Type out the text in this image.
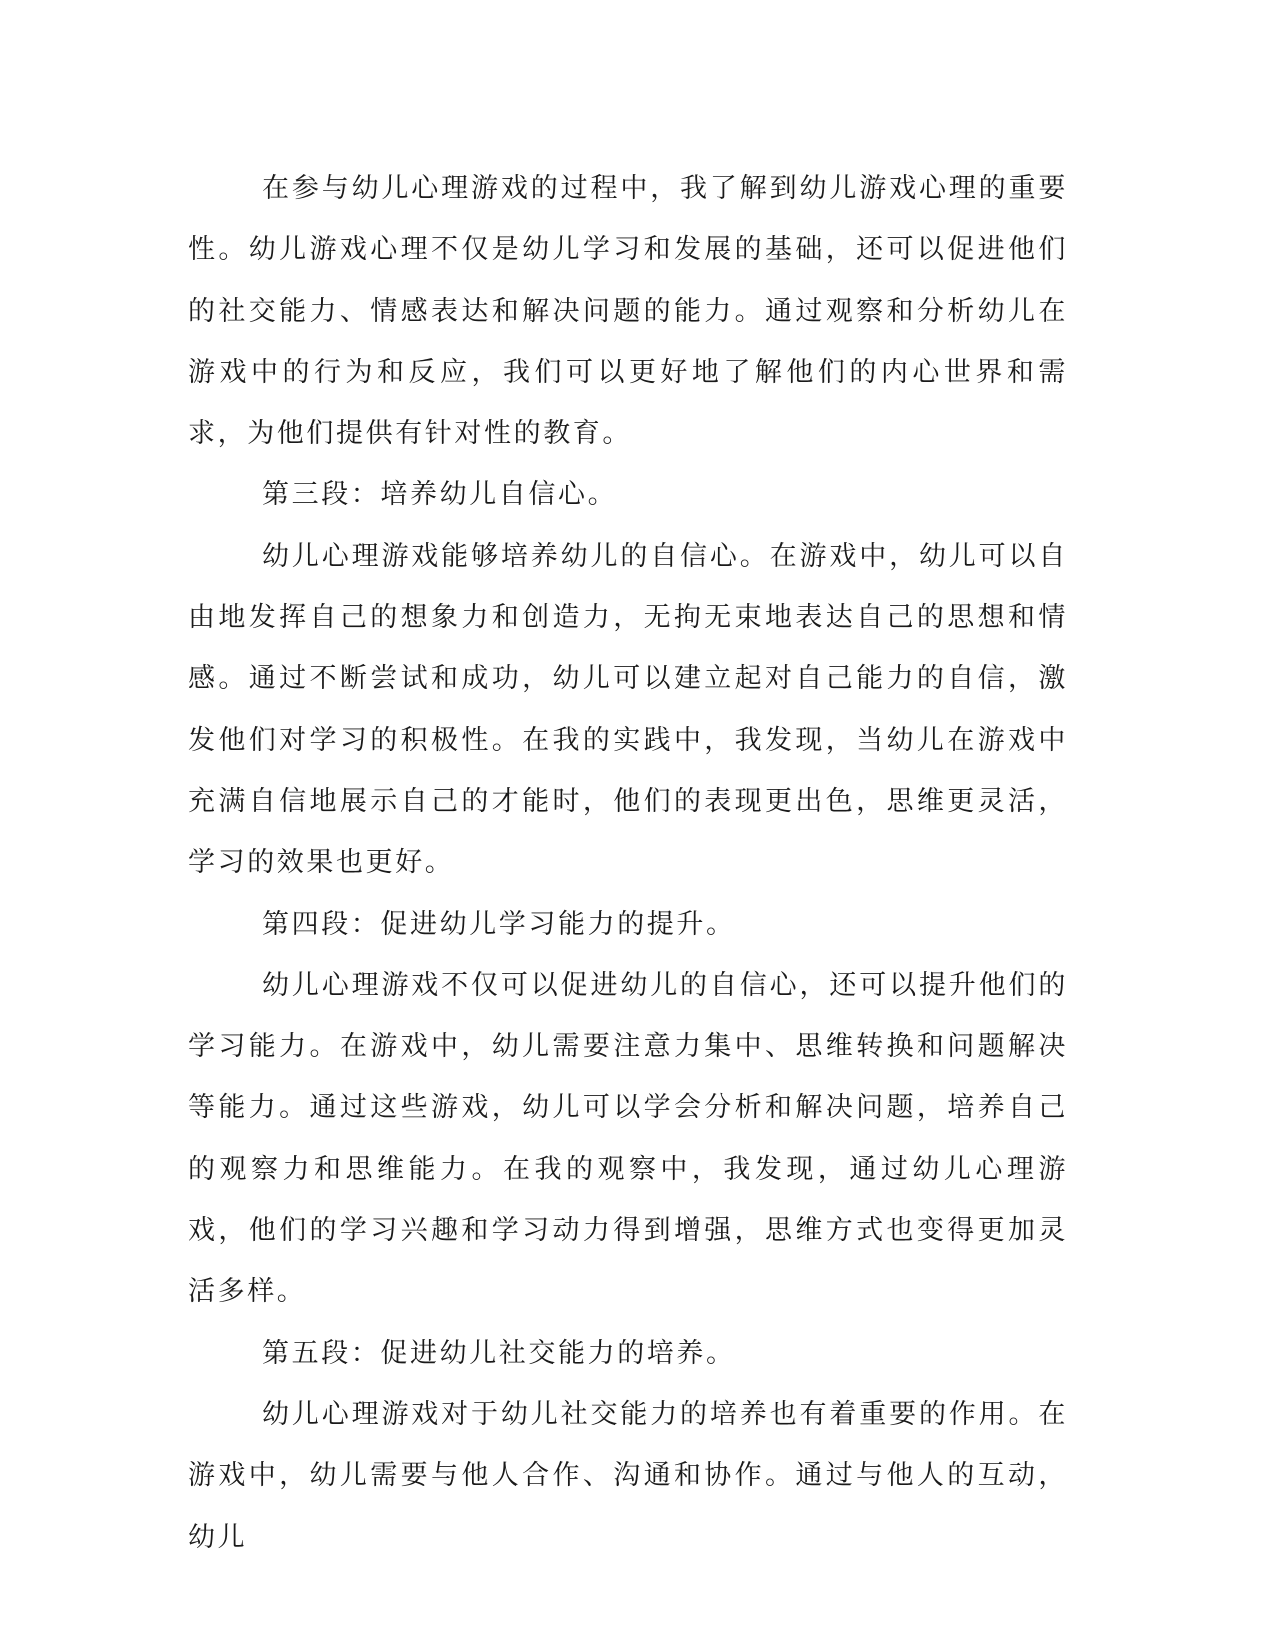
在参与幼儿心理游戏的过程中，我了解到幼儿游戏心理的重要性。幼儿游戏心理不仅是幼儿学习和发展的基础，还可以促进他们的社交能力、情感表达和解决问题的能力。通过观察和分析幼儿在游戏中的行为和反应，我们可以更好地了解他们的内心世界和需求，为他们提供有针对性的教育。

第三段：培养幼儿自信心。

幼儿心理游戏能够培养幼儿的自信心。在游戏中，幼儿可以自由地发挥自己的想象力和创造力，无拘无束地表达自己的思想和情感。通过不断尝试和成功，幼儿可以建立起对自己能力的自信，激发他们对学习的积极性。在我的实践中，我发现，当幼儿在游戏中充满自信地展示自己的才能时，他们的表现更出色，思维更灵活，学习的效果也更好。

第四段：促进幼儿学习能力的提升。

幼儿心理游戏不仅可以促进幼儿的自信心，还可以提升他们的学习能力。在游戏中，幼儿需要注意力集中、思维转换和问题解决等能力。通过这些游戏，幼儿可以学会分析和解决问题，培养自己的观察力和思维能力。在我的观察中，我发现，通过幼儿心理游戏，他们的学习兴趣和学习动力得到增强，思维方式也变得更加灵活多样。

第五段：促进幼儿社交能力的培养。

幼儿心理游戏对于幼儿社交能力的培养也有着重要的作用。在游戏中，幼儿需要与他人合作、沟通和协作。通过与他人的互动，幼儿
